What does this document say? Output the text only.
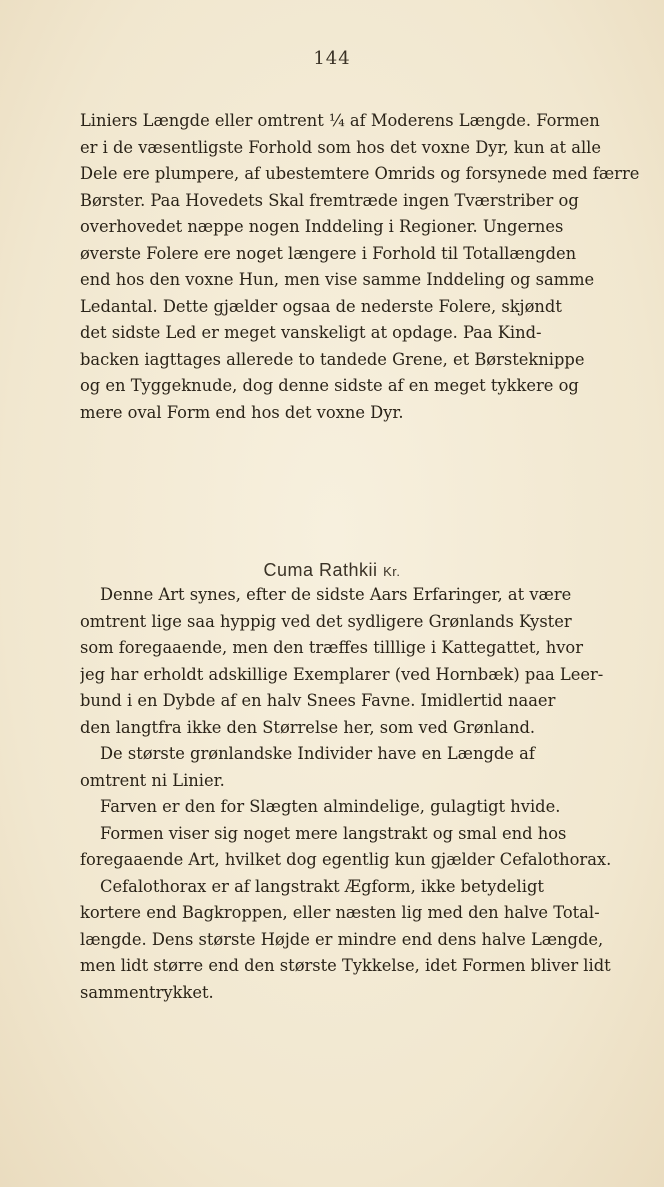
144
Liniers Længde eller omtrent ¼ af Moderens Længde. Formen
er i de væsentligste Forhold som hos det voxne Dyr, kun at alle
Dele ere plumpere, af ubestemtere Omrids og forsynede med færre
Børster. Paa Hovedets Skal fremtræde ingen Tværstriber og
overhovedet næppe nogen Inddeling i Regioner. Ungernes
øverste Folere ere noget længere i Forhold til Totallængden
end hos den voxne Hun, men vise samme Inddeling og samme
Ledantal. Dette gjælder ogsaa de nederste Folere, skjøndt
det sidste Led er meget vanskeligt at opdage. Paa Kind-
backen iagttages allerede to tandede Grene, et Børsteknippe
og en Tyggeknude, dog denne sidste af en meget tykkere og
mere oval Form end hos det voxne Dyr.
Cuma Rathkii Kr.
Denne Art synes, efter de sidste Aars Erfaringer, at være
omtrent lige saa hyppig ved det sydligere Grønlands Kyster
som foregaaende, men den træffes tilllige i Kattegattet, hvor
jeg har erholdt adskillige Exemplarer (ved Hornbæk) paa Leer-
bund i en Dybde af en halv Snees Favne. Imidlertid naaer
den langtfra ikke den Størrelse her, som ved Grønland.
De største grønlandske Individer have en Længde af
omtrent ni Linier.
Farven er den for Slægten almindelige, gulagtigt hvide.
Formen viser sig noget mere langstrakt og smal end hos
foregaaende Art, hvilket dog egentlig kun gjælder Cefalothorax.
Cefalothorax er af langstrakt Ægform, ikke betydeligt
kortere end Bagkroppen, eller næsten lig med den halve Total-
længde. Dens største Højde er mindre end dens halve Længde,
men lidt større end den største Tykkelse, idet Formen bliver lidt
sammentrykket.
